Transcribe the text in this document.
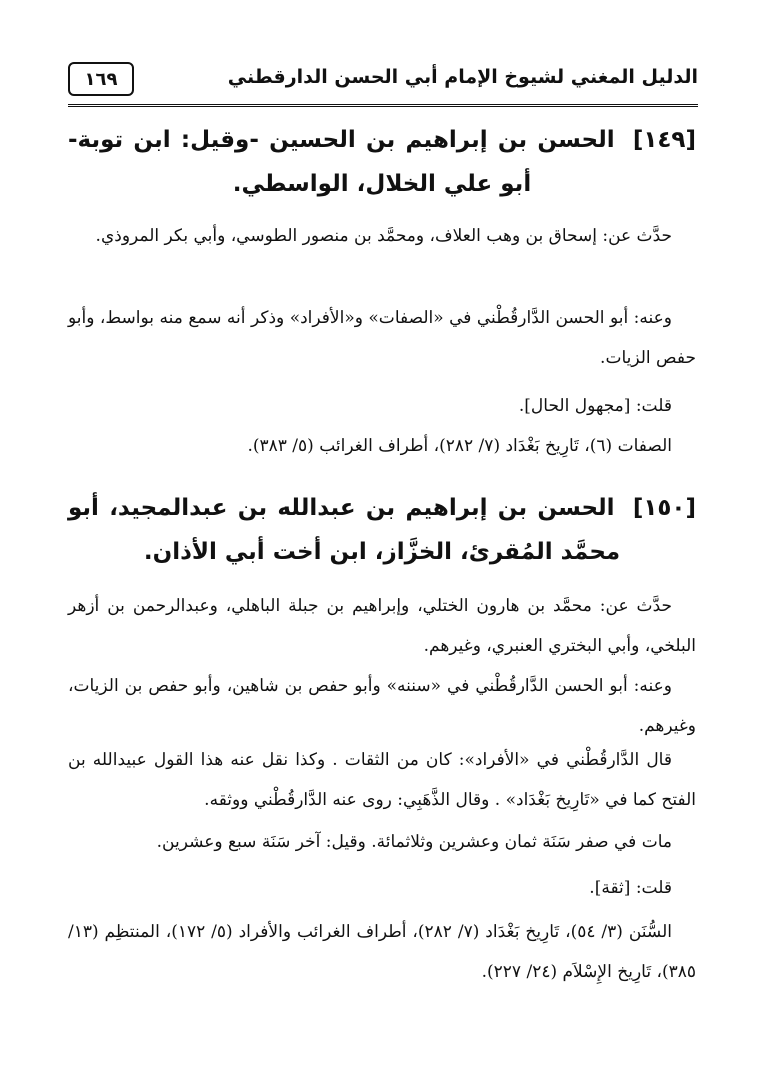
الدليل المغني لشيوخ الإمام أبي الحسن الدارقطني
١٦٩
[١٤٩] الحسن بن إبراهيم بن الحسين -وقيل: ابن توبة- أبو علي الخلال، الواسطي.
حدَّث عن: إسحاق بن وهب العلاف، ومحمَّد بن منصور الطوسي، وأبي بكر المروذي.
وعنه: أبو الحسن الدَّارقُطْني في «الصفات» و«الأفراد» وذكر أنه سمع منه بواسط، وأبو حفص الزيات.
قلت: [مجهول الحال].
الصفات (٦)، تَارِيخ بَغْدَاد (٧/ ٢٨٢)، أطراف الغرائب (٥/ ٣٨٣).
[١٥٠] الحسن بن إبراهيم بن عبدالله بن عبدالمجيد، أبو محمَّد المُقرئ، الخزَّاز، ابن أخت أبي الأذان.
حدَّث عن: محمَّد بن هارون الختلي، وإبراهيم بن جبلة الباهلي، وعبدالرحمن بن أزهر البلخي، وأبي البختري العنبري، وغيرهم.
وعنه: أبو الحسن الدَّارقُطْني في «سننه» وأبو حفص بن شاهين، وأبو حفص بن الزيات، وغيرهم.
قال الدَّارقُطْني في «الأفراد»: كان من الثقات . وكذا نقل عنه هذا القول عبيدالله بن الفتح كما في «تَارِيخ بَغْدَاد» . وقال الذَّهَبِي: روى عنه الدَّارقُطْني ووثقه.
مات في صفر سَنَة ثمان وعشرين وثلاثمائة. وقيل: آخر سَنَة سبع وعشرين.
قلت: [ثقة].
السُّنَن (٣/ ٥٤)، تَارِيخ بَغْدَاد (٧/ ٢٨٢)، أطراف الغرائب والأفراد (٥/ ١٧٢)، المنتظِم (١٣/ ٣٨٥)، تَارِيخ الإِسْلاَم (٢٤/ ٢٢٧).
